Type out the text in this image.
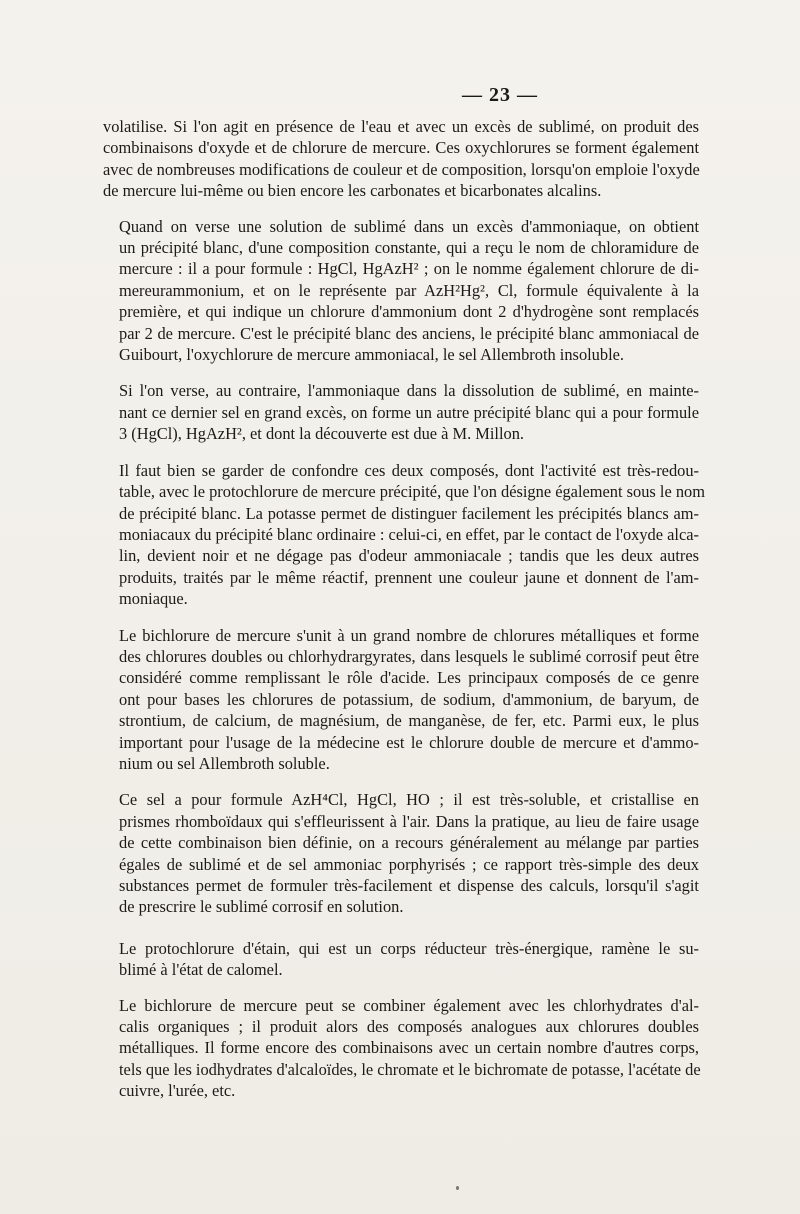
— 23 —
volatilise. Si l'on agit en présence de l'eau et avec un excès de sublimé, on produit des
combinaisons d'oxyde et de chlorure de mercure. Ces oxychlorures se forment également
avec de nombreuses modifications de couleur et de composition, lorsqu'on emploie l'oxyde
de mercure lui-même ou bien encore les carbonates et bicarbonates alcalins.
Quand on verse une solution de sublimé dans un excès d'ammoniaque, on obtient
un précipité blanc, d'une composition constante, qui a reçu le nom de chloramidure de
mercure : il a pour formule : HgCl, HgAzH² ; on le nomme également chlorure de di-
mereurammonium, et on le représente par AzH²Hg², Cl, formule équivalente à la
première, et qui indique un chlorure d'ammonium dont 2 d'hydrogène sont remplacés
par 2 de mercure. C'est le précipité blanc des anciens, le précipité blanc ammoniacal de
Guibourt, l'oxychlorure de mercure ammoniacal, le sel Allembroth insoluble.
Si l'on verse, au contraire, l'ammoniaque dans la dissolution de sublimé, en mainte-
nant ce dernier sel en grand excès, on forme un autre précipité blanc qui a pour formule
3 (HgCl), HgAzH², et dont la découverte est due à M. Millon.
Il faut bien se garder de confondre ces deux composés, dont l'activité est très-redou-
table, avec le protochlorure de mercure précipité, que l'on désigne également sous le nom
de précipité blanc. La potasse permet de distinguer facilement les précipités blancs am-
moniacaux du précipité blanc ordinaire : celui-ci, en effet, par le contact de l'oxyde alca-
lin, devient noir et ne dégage pas d'odeur ammoniacale ; tandis que les deux autres
produits, traités par le même réactif, prennent une couleur jaune et donnent de l'am-
moniaque.
Le bichlorure de mercure s'unit à un grand nombre de chlorures métalliques et forme
des chlorures doubles ou chlorhydrargyrates, dans lesquels le sublimé corrosif peut être
considéré comme remplissant le rôle d'acide. Les principaux composés de ce genre
ont pour bases les chlorures de potassium, de sodium, d'ammonium, de baryum, de
strontium, de calcium, de magnésium, de manganèse, de fer, etc. Parmi eux, le plus
important pour l'usage de la médecine est le chlorure double de mercure et d'ammo-
nium ou sel Allembroth soluble.
Ce sel a pour formule AzH⁴Cl, HgCl, HO ; il est très-soluble, et cristallise en
prismes rhomboïdaux qui s'effleurissent à l'air. Dans la pratique, au lieu de faire usage
de cette combinaison bien définie, on a recours généralement au mélange par parties
égales de sublimé et de sel ammoniac porphyrisés ; ce rapport très-simple des deux
substances permet de formuler très-facilement et dispense des calculs, lorsqu'il s'agit
de prescrire le sublimé corrosif en solution.
Le protochlorure d'étain, qui est un corps réducteur très-énergique, ramène le su-
blimé à l'état de calomel.
Le bichlorure de mercure peut se combiner également avec les chlorhydrates d'al-
calis organiques ; il produit alors des composés analogues aux chlorures doubles
métalliques. Il forme encore des combinaisons avec un certain nombre d'autres corps,
tels que les iodhydrates d'alcaloïdes, le chromate et le bichromate de potasse, l'acétate de
cuivre, l'urée, etc.
